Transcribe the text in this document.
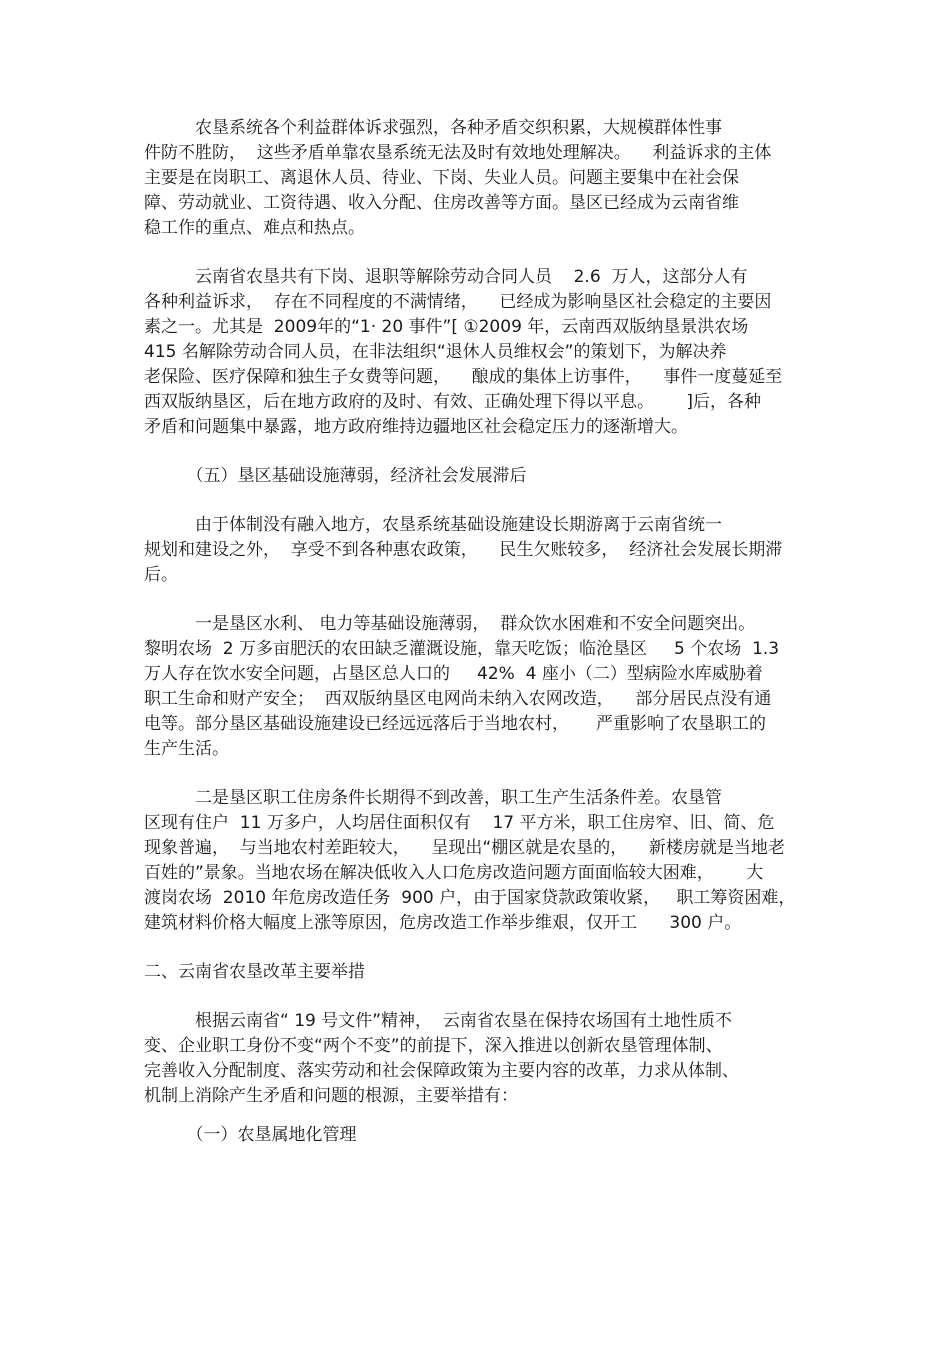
　　　农垦系统各个利益群体诉求强烈，各种矛盾交织积累，大规模群体性事
件防不胜防，  这些矛盾单靠农垦系统无法及时有效地处理解决。    利益诉求的主体
主要是在岗职工、离退休人员、待业、下岗、失业人员。问题主要集中在社会保
障、劳动就业、工资待遇、收入分配、住房改善等方面。垦区已经成为云南省维
稳工作的重点、难点和热点。
　　　云南省农垦共有下岗、退职等解除劳动合同人员    2.6  万人，这部分人有
各种利益诉求，  存在不同程度的不满情绪，    已经成为影响垦区社会稳定的主要因
素之一。尤其是  2009年的“1· 20 事件”[ ①2009 年，云南西双版纳垦景洪农场
415 名解除劳动合同人员，在非法组织“退休人员维权会”的策划下，为解决养
老保险、医疗保障和独生子女费等问题，    酿成的集体上访事件，    事件一度蔓延至
西双版纳垦区，后在地方政府的及时、有效、正确处理下得以平息。      ]后，各种
矛盾和问题集中暴露，地方政府维持边疆地区社会稳定压力的逐渐增大。
　　　（五）垦区基础设施薄弱，经济社会发展滞后
　　　由于体制没有融入地方，农垦系统基础设施建设长期游离于云南省统一
规划和建设之外，  享受不到各种惠农政策，    民生欠账较多，  经济社会发展长期滞
后。
　　　一是垦区水利、 电力等基础设施薄弱，  群众饮水困难和不安全问题突出。
黎明农场  2 万多亩肥沃的农田缺乏灌溉设施，靠天吃饭；临沧垦区     5 个农场  1.3
万人存在饮水安全问题，占垦区总人口的     42%  4 座小（二）型病险水库威胁着
职工生命和财产安全；  西双版纳垦区电网尚未纳入农网改造，    部分居民点没有通
电等。部分垦区基础设施建设已经远远落后于当地农村，     严重影响了农垦职工的
生产生活。
　　　二是垦区职工住房条件长期得不到改善，职工生产生活条件差。农垦管
区现有住户  11 万多户，人均居住面积仅有    17 平方米，职工住房窄、旧、简、危
现象普遍，  与当地农村差距较大，    呈现出“棚区就是农垦的，    新楼房就是当地老
百姓的”景象。当地农场在解决低收入人口危房改造问题方面面临较大困难，      大
渡岗农场  2010 年危房改造任务  900 户，由于国家贷款政策收紧，   职工筹资困难，
建筑材料价格大幅度上涨等原因，危房改造工作举步维艰，仅开工      300 户。
二、云南省农垦改革主要举措
　　　根据云南省“ 19 号文件”精神，  云南省农垦在保持农场国有土地性质不
变、企业职工身份不变“两个不变”的前提下，深入推进以创新农垦管理体制、
完善收入分配制度、落实劳动和社会保障政策为主要内容的改革，力求从体制、
机制上消除产生矛盾和问题的根源，主要举措有：
　　　（一）农垦属地化管理
